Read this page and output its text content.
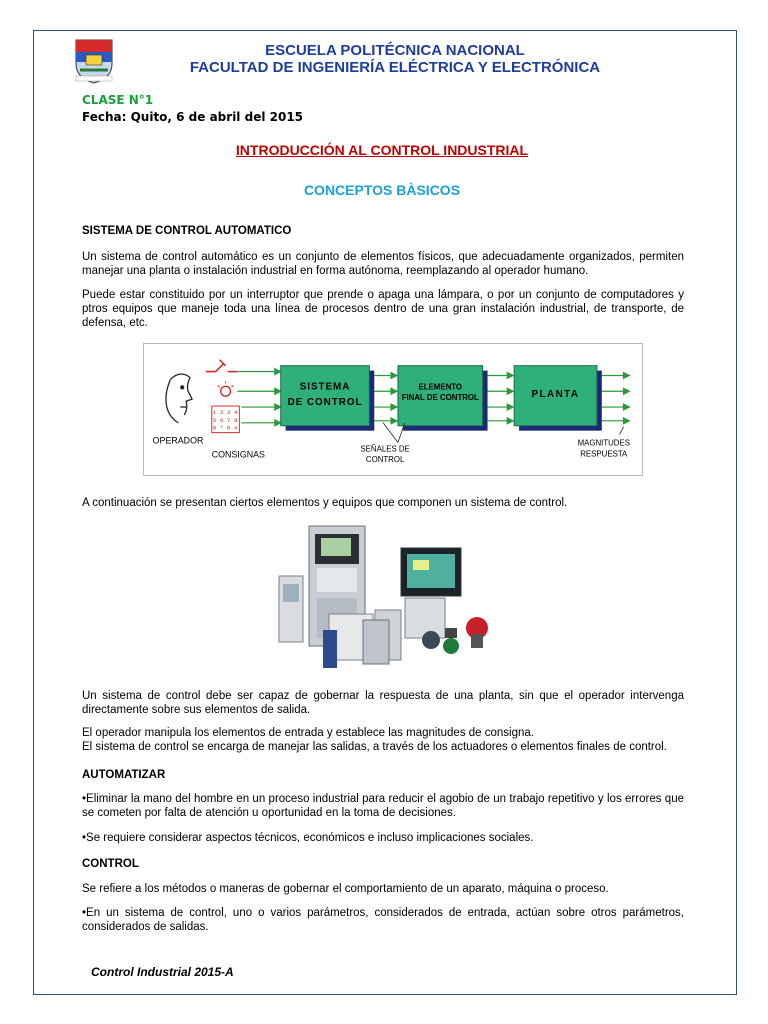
ESCUELA POLITÉCNICA NACIONAL
FACULTAD DE INGENIERÍA ELÉCTRICA Y ELECTRÓNICA
CLASE N°1
Fecha: Quito, 6 de abril del 2015
INTRODUCCIÓN AL CONTROL INDUSTRIAL
CONCEPTOS BÀSICOS
SISTEMA DE CONTROL AUTOMATICO
Un sistema de control automático es un conjunto de elementos físicos, que adecuadamente organizados, permiten manejar una planta o instalación industrial en forma autónoma, reemplazando al operador humano.
Puede estar constituido por un interruptor que prende o apaga una lámpara, o por un conjunto de computadores y ptros equipos que maneje toda una línea de procesos dentro de una gran instalación industrial, de transporte, de defensa, etc.
OPERADOR
1 2 3 4
5 6 7 8
9 * 0 #
CONSIGNAS
SISTEMA
DE CONTROL
ELEMENTO
FINAL DE CONTROL	PLANTA
SEÑALES DE
CONTROL
MAGNITUDES
RESPUESTA
A continuación se presentan ciertos elementos y equipos que componen un sistema de control.
Un sistema de control debe ser capaz de gobernar la respuesta de una planta, sin que el operador intervenga directamente sobre sus elementos de salida.
El operador manipula los elementos de entrada y establece las magnitudes de consigna.
El sistema de control se encarga de manejar las salidas, a través de los actuadores o elementos finales de control.
AUTOMATIZAR
•Eliminar la mano del hombre en un proceso industrial para reducir el agobio de un trabajo repetitivo y los errores que se cometen por falta de atención u oportunidad en la toma de decisiones.
•Se requiere considerar aspectos técnicos, económicos e incluso implicaciones sociales.
CONTROL
Se refiere a los métodos o maneras de gobernar el comportamiento de un aparato, máquina o proceso.
•En un sistema de control, uno o varios parámetros, considerados de entrada, actúan sobre otros parámetros, considerados de salidas.
Control Industrial 2015-A
